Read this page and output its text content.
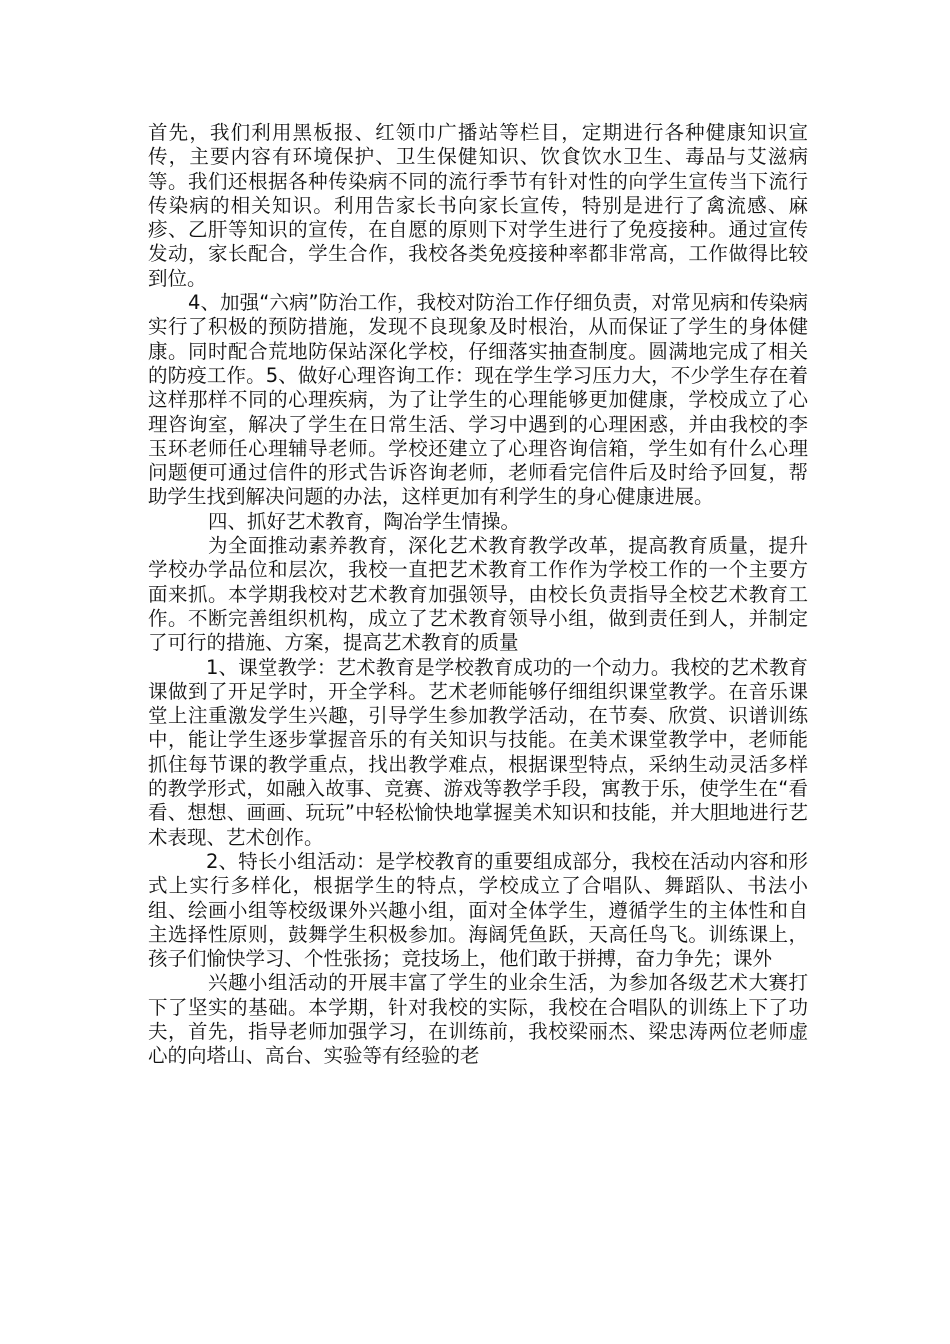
首先，我们利用黑板报、红领巾广播站等栏目，定期进行各种健康知识宣传，主要内容有环境保护、卫生保健知识、饮食饮水卫生、毒品与艾滋病等。我们还根据各种传染病不同的流行季节有针对性的向学生宣传当下流行传染病的相关知识。利用告家长书向家长宣传，特别是进行了禽流感、麻疹、乙肝等知识的宣传，在自愿的原则下对学生进行了免疫接种。通过宣传发动，家长配合，学生合作，我校各类免疫接种率都非常高，工作做得比较到位。

4、加强“六病”防治工作，我校对防治工作仔细负责，对常见病和传染病实行了积极的预防措施，发现不良现象及时根治，从而保证了学生的身体健康。同时配合荒地防保站深化学校，仔细落实抽查制度。圆满地完成了相关的防疫工作。5、做好心理咨询工作：现在学生学习压力大，不少学生存在着这样那样不同的心理疾病，为了让学生的心理能够更加健康，学校成立了心理咨询室，解决了学生在日常生活、学习中遇到的心理困惑，并由我校的李玉环老师任心理辅导老师。学校还建立了心理咨询信箱，学生如有什么心理问题便可通过信件的形式告诉咨询老师，老师看完信件后及时给予回复，帮助学生找到解决问题的办法，这样更加有利学生的身心健康进展。

四、抓好艺术教育，陶冶学生情操。

为全面推动素养教育，深化艺术教育教学改革，提高教育质量，提升学校办学品位和层次，我校一直把艺术教育工作作为学校工作的一个主要方面来抓。本学期我校对艺术教育加强领导，由校长负责指导全校艺术教育工作。不断完善组织机构，成立了艺术教育领导小组，做到责任到人，并制定了可行的措施、方案，提高艺术教育的质量

1、课堂教学：艺术教育是学校教育成功的一个动力。我校的艺术教育课做到了开足学时，开全学科。艺术老师能够仔细组织课堂教学。在音乐课堂上注重激发学生兴趣，引导学生参加教学活动，在节奏、欣赏、识谱训练中，能让学生逐步掌握音乐的有关知识与技能。在美术课堂教学中，老师能抓住每节课的教学重点，找出教学难点，根据课型特点，采纳生动灵活多样的教学形式，如融入故事、竞赛、游戏等教学手段，寓教于乐，使学生在“看看、想想、画画、玩玩”中轻松愉快地掌握美术知识和技能，并大胆地进行艺术表现、艺术创作。

2、特长小组活动：是学校教育的重要组成部分，我校在活动内容和形式上实行多样化，根据学生的特点，学校成立了合唱队、舞蹈队、书法小组、绘画小组等校级课外兴趣小组，面对全体学生，遵循学生的主体性和自主选择性原则，鼓舞学生积极参加。海阔凭鱼跃，天高任鸟飞。训练课上，孩子们愉快学习、个性张扬；竞技场上，他们敢于拼搏，奋力争先；课外

兴趣小组活动的开展丰富了学生的业余生活，为参加各级艺术大赛打下了坚实的基础。本学期，针对我校的实际，我校在合唱队的训练上下了功夫，首先，指导老师加强学习，在训练前，我校梁丽杰、梁忠涛两位老师虚心的向塔山、高台、实验等有经验的老
